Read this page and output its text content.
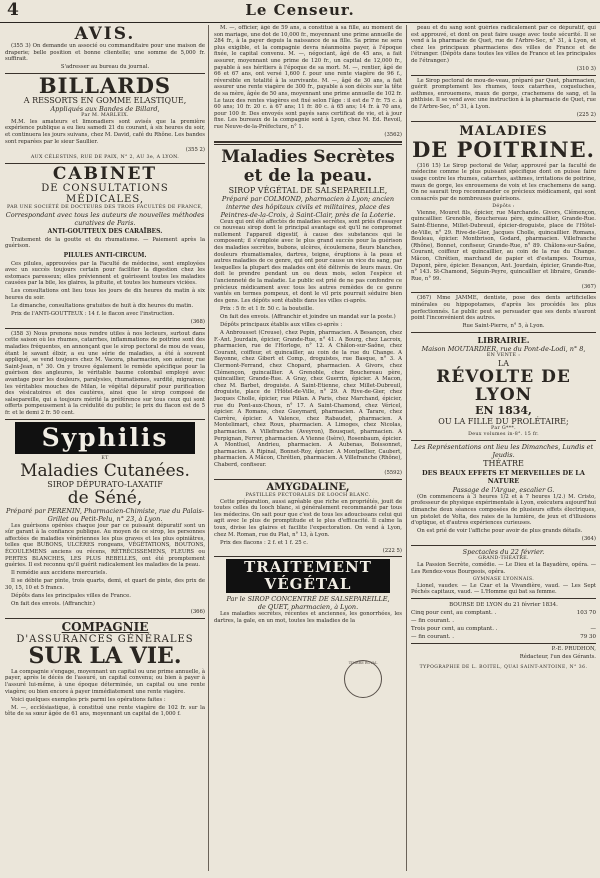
4	Le Censeur.
AVIS.

(355 3) On demande un associé ou commanditaire pour une maison de draperie; belle position et bonne clientelle; une somme de 5,000 fr. suffirait.

S'adresser au bureau du journal.

BILLARDS
A RESSORTS EN GOMME ELASTIQUE,
Appliqués aux Bandes de Billard,
Par M. MARLEIX.

M.M. les amateurs et limonadiers sont avisés que la première expérience publique a eu lieu samedi 21 du courant, à six heures du soir, et continuera les jours suivans, chez M. David, café du Rhône. Les bandes sont reparées par le sieur Saullier.

(355 2)

AUX CÉLESTINS, RUE DE PAIX, N° 2, AU 3e, A LYON.
CABINET
DE CONSULTATIONS MÉDICALES,
PAR UNE SOCIÉTÉ DE DOCTEURS DES TROIS FACULTÉS DE FRANCE,
Correspondant avec tous les auteurs de nouvelles méthodes curatives de Paris.
ANTI-GOUTTEUX DES CARAÏBES.

Traitement de la goutte et du rhumatisme. — Paiement après la guérison.

PILULES ANTI-CIRCUM.

Ces pilules, approuvées par la Faculté de médecine, sont employées avec un succès toujours certain pour faciliter la digestion chez les estomacs paresseux; elles préviennent et guérissent toutes les maladies causées par la bile, les glaires, la pituite, et toutes les humeurs viciées.

Les consultations ont lieu tous les jours de dix heures du matin à six heures du soir.

Le dimanche, consultations gratuites de huit à dix heures du matin.

Prix de l'ANTI-GOUTTEUX : 14 f. le flacon avec l'instruction.

(368)

(358 3) Nous prenons nous rendre utiles à nos lecteurs, surtout dans cette saison où les rhumes, catarrhes, inflammations de poitrine sont des maladies fréquentes, en annonçant que le sirop pectoral de mou de veau, étant le savant élixir, a eu une série de maladies, a été à souvent appliqué, se vend toujours chez M. Vacora, pharmacien, son auteur, rue Saint-Jean, n° 30. On y trouve également le remède spécifique pour la guérison des angleures, le véritable baume colombal employé avec avantage pour les douleurs, paralysies, rhumatismes, surdité, migraines; les véritables mouches de Milan, le végétal dépuratif pour purification des vésicatoires et des cautères, ainsi que le sirop composé de salsepareille, qui a toujours mérité la préférence sur tous ceux qui sont offerts pompeusement à la crédulité du public; le prix du flacon est de 5 fr. et le demi 2 fr. 50 cent.

Syphilis
ET
Maladies Cutanées.
SIROP DÉPURATO-LAXATIF
de Séné,
Préparé par PERENIN, Pharmacien-Chimiste, rue du Palais-Grillet ou Petit-Pelu, n° 23, à Lyon.

Les guérisons opérées chaque jour par ce puissant dépuratif sont un sûr garant à la confiance publique. Au moyen de ce sirop, les personnes affectées de maladies vénériennes les plus graves et les plus opiniâtres, telles que BUBONS, ULCÈRES rongeans, VÉGÉTATIONS, BOUTONS, ÉCOULEMENS anciens ou récens, RÉTRÉCISSEMENS, FLEURS ou PERTES BLANCHES, LES PLUS REBELLES, ont été promptement guéries. Il est reconnu qu'il guérit radicalement les maladies de la peau.

Il remédie aux accidens mercuriels.

Il se débite par pinte, trois quarts, demi, et quart de pinte, des prix de 30, 15, 10 et 5 francs.

Dépôts dans les principales villes de France.

On fait des envois. (Affranchir.)

(366)

COMPAGNIE
D'ASSURANCES GÉNÉRALES
SUR LA VIE.

La compagnie s'engage, moyennant un capital ou une prime annuelle, à payer, après le décès de l'assuré, un capital convenu; ou bien à payer à l'assuré lui-même, à une époque déterminée, un capital ou une rente viagère; ou bien encore à payer immédiatement une rente viagère.

Voici quelques exemples pris parmi les opérations faites :

M. —, ecclésiastique, à constitué une rente viagère de 102 fr. sur la tête de sa sœur âgée de 61 ans, moyennant un capital de 1,000 f.

M. —, officier, âgé de 59 ans, a constitué à sa fille, au moment de son mariage, une dot de 10,000 fr., moyennant une prime annuelle de 284 fr., à la payer depuis la naissance de sa fille. Sa prime ne sera plus exigible, et la compagnie devra néanmoins payer, à l'époque fixée, le capital convenu. M. —, négociant, âgé de 45 ans, a fait assurer, moyennant une prime de 120 fr., un capital de 12,000 fr., payable à ses héritiers à l'époque de sa mort. M. —, rentier, âgé de 66 et 67 ans, ont versé 1,600 f. pour une rente viagère de 96 f., réversible en totalité à la survivante. M. —, âgé de 30 ans, a fait assurer une rente viagère de 300 fr., payable à son décès sur la tête de sa mère, âgée de 50 ans, moyennant une prime annuelle de 102 fr. Le taux des rentes viagères est fixé selon l'âge : il est de 7 fr. 75 c. à 60 ans; 10 fr. 20 c. à 67 ans; 11 fr. 80 c. à 65 ans; 14 fr. à 70 ans, pour 100 fr. Des envoyés sont payés sans certificat de vie, et à jour fixe. Les bureaux de la compagnie sont à Lyon, chez M. Ed. Revoil, rue Neuve-de-la-Préfecture, n° 1.

(3562)

Maladies Secrètes et de la peau.
SIROP VÉGÉTAL DE SALSEPAREILLE,
Préparé par COLMOND, pharmacien à Lyon; ancien interne des hôpitaux civils et militaires, place des Peintres-de-la-Croix, à Saint-Clair, près de la Loterie.

Ceux qui ont été affectés de maladies secrètes, sont priés d'essayer ce nouveau sirop dont le principal avantage est qu'il ne compromet nullement l'appareil digestif, à cause des substances qui le composent; il s'emploie avec le plus grand succès pour la guérison des maladies secrètes, bubons, ulcères, écoulemens, fleurs blanches, douleurs rhumatismales, dartres, teigne, éruptions à la peau et autres maladies de ce genre, qui ont pour cause un vice du sang, par lesquelles la plupart des malades ont été délivrés de leurs maux. On doit le prendre pendant un ou deux mois, selon l'espèce et l'ancienneté de la maladie. Le public est prié de ne pas confondre ce précieux médicament avec tous les autres remèdes de ce genre vantés en termes pompeux, et dont le vil prix pourrait séduire bien des gens. Les dépôts sont établis dans les villes ci-après.

Prix : 5 fr. et 1 fr. 50 c. la bouteille.

On fait des envois. (Affranchir et joindre un mandat sur la poste.)

Dépôts principaux établis aux villes ci-après :

A Anbrousset (Creuse), chez Pepin, pharmacien. A Besançon, chez F.-Ant. Jourdain, épicier, Grande-Rue, n° 41. A Bourg, chez Lacroix, pharmacien, rue de l'Horloge, n° 12. A Châlon-sur-Saône, chez Courant, coiffeur, et quincailler, au coin de la rue du Change. A Bayonne, chez Gibert et Comp., droguistes, rue Basque, n° 3. A Clermont-Ferrand, chez Chopard, pharmacien. A Givors, chez Clémençon, quincaillier. A Grenoble, chez Bouchereau père, quincaillier, Grande-Rue. A Gray, chez Guerrin, épicier. A Macon, chez M. Barbet, droguiste. A Saint-Etienne, chez Millet-Dubreuil, droguiste, place de l'Hôtel-de-Ville, n° 29. A Rive-de-Gier, chez Jacques Cholle, épicier, rue Pillan. A Paris, chez Marchand, épicier, rue du Pont-aux-Choux, n° 17. A Saint-Chamond, chez Véricel, épicier. A Romans, chez Gueymard, pharmacien. A Tarare, chez Carrère, épicier. A Valence, chez Rabaudet, pharmacien. A Montelimart, chez Roux, pharmacien. A Limoges, chez Nicolas, pharmacien. A Villefranche (Aveyron), Bousquet, pharmacien. A Perpignan, Ferrer, pharmacien. A Vienne (Isère), Rosenbaum, épicier. A Montluel, Andrieu, pharmacien. A Aubenas, Boissonnet, pharmacien. A Ripinal, Bonnet-Roy, épicier. A Montpellier, Caubert, pharmacien. A Mâcon, Chrétien, pharmacien. A Villefranche (Rhône), Chaberd, confiseur.

(5592)

AMYGDALINE,
PASTILLES PECTORALES DE LOOCH BLANC.

Cette préparation, aussi agréable que riche en propriétés, jouit de toutes celles du looch blanc, si généralement recommandé par tous les médecins. On sait pour que c'est de tous les adoucissans celui qui agit avec le plus de promptitude et le plus d'efficacité. Il calme la toux, divise les glaires et facilite l'expectoration. On vend à Lyon, chez M. Roman, rue du Plat, n° 13, à Lyon.

Prix des flacons : 2 f. et 1 f. 25 c.

(222 5)

TRAITEMENT VÉGÉTAL
Par le SIROP CONCENTRÉ DE SALSEPAREILLE,
de QUET, pharmacien, à Lyon.

Les maladies secrètes, récentes et anciennes, les gonorrhées, les dartres, la gale, en un mot, toutes les maladies de la

TIMBRE ROYAL

peau et du sang sont guéries radicalement par ce dépuratif, qui est approuvé, et dont on peut faire usage avec toute sécurité. Il se vend à la pharmacie de Quet, rue de l'Arbre-Sec, n° 31, à Lyon, et chez les principaux pharmaciens des villes de France et de l'étranger. (Dépôts dans toutes les villes de France et les principales de l'étranger.)

(310 3)

Le Sirop pectoral de mou-de-veau, préparé par Quet, pharmacien, guérit promptement les rhumes, toux catarrhes, coqueluches, asthmes, enrouemens, maux de gorge, crachemens de sang, et la phthisie. Il se vend avec une instruction à la pharmacie de Quet, rue de l'Arbre-Sec, n° 31, à Lyon.

(225 2)

MALADIES
DE POITRINE.

(316 15) Le Sirop pectoral de Velar, approuvé par la faculté de médecine comme le plus puissant spécifique dont on puisse faire usage contre les rhumes, catarrhes, asthmes, irritations de poitrine, maux de gorge, les enrouemens de voix et les crachemens de sang. On ne saurait trop recommander ce précieux médicament, qui sont consacrés par de nombreuses guérisons.

Dépôts :

Vienne, Mouret fils, épicier, rue Marchande. Givors, Clémençon, quincaillier. Grenoble, Bouchereau père, quincaillier, Grande-Rue. Saint-Étienne, Millet-Dubreuil, épicier-droguiste, place de l'Hôtel-de-Ville, n° 29. Rive-de-Gier, Jacques Cholle, quincaillier. Romans, Bouleau, épicier. Montbrison, Godard, pharmacien. Villefranche (Rhône), Bonnet, confiseur, Grande-Rue, n° 89. Châlons-sur-Saône, Courant, coiffeur et quincaillier, au coin de la rue du Change. Mâcon, Chrétien, marchand de papier et d'estampes. Tournus, Dupont, père, épicier. Besançon, Ant. Jourdain, épicier, Grande-Rue, n° 143. St-Chamond, Séguin-Peyre, quincaillier et libraire, Grande-Rue, n° 99.

(367)

(367) Mme JAMME, dentiste, pose des dents artificielles minérales ou hippopotames, d'après les procédés les plus perfectionnés. Le public peut se persuader que ses dents n'auront point l'inconvénient des autres.

Rue Saint-Pierre, n° 5, à Lyon.

LIBRAIRIE.
Maison MOUTARDIER, rue du Pont-de-Lodi, n° 8,
EN VENTE :
LA
RÉVOLTE DE LYON
EN 1834,
OU LA FILLE DU PROLÉTAIRE;
Par G***.
Deux volumes in-8°. 15 fr.
Les Représentations ont lieu les Dimanches, Lundis et Jeudis.
THÉATRE
DES BEAUX EFFETS ET MERVEILLES DE LA NATURE
Passage de l'Argue, escalier G.

(On commencera à 3 heures 1/2 et à 7 heures 1/2.) M. Cristo, professeur de physique expérimentale à Lyon, exécutera aujourd'hui dimanche deux séances composées de plusieurs effets électriques, un pistolet de Volta, des raies de la lumière, de jeux et d'illusions d'optique, et d'autres expériences curieuses.

On est prié de voir l'affiche pour avoir de plus grands détails.

(364)

Spectacles du 22 février.
GRAND-THÉATRE.

La Passion Secrète, comédie. — Le Dieu et la Bayadère, opéra. — Les Rendez-vous Bourgeois, opéra.

GYMNASE LYONNAIS.

Lionel, vaudev. — Le Czar et la Vivandière, vaud. — Les Sept Péchés capitaux, vaud. — L'Homme qui bat sa femme.

BOURSE DE LYON du 21 février 1834.
Cinq pour cent, au comptant. .	103 70
— fin courant. .
Trois pour cent, au comptant. .	—
— fin courant. .	79 30

P.-E. PRUDHON,

Rédacteur, l'un des Gérants.

TYPOGRAPHIE DE L. BOITEL, QUAI SAINT-ANTOINE, N° 36.
